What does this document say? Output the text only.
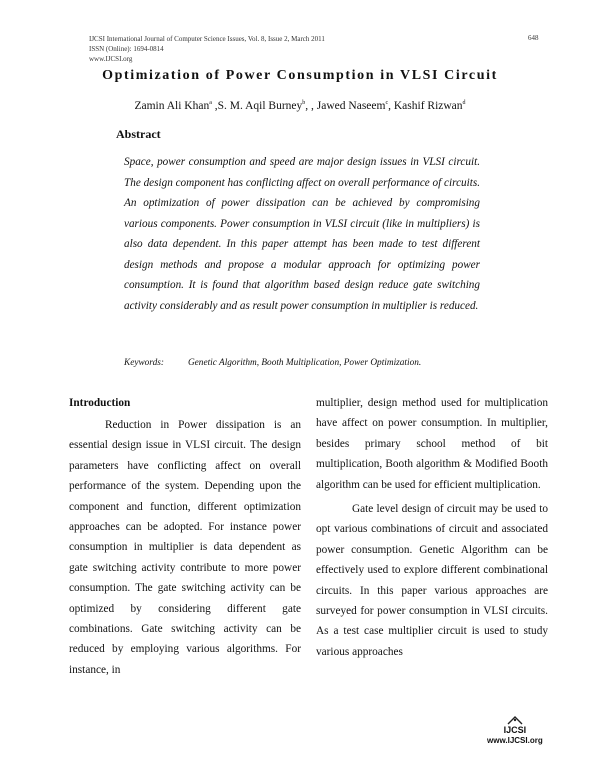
IJCSI International Journal of Computer Science Issues, Vol. 8, Issue 2, March 2011
ISSN (Online): 1694-0814
www.IJCSI.org
648
Optimization of Power Consumption in VLSI Circuit
Zamin Ali Khan$^a$ ,S. M. Aqil Burney$^b$, , Jawed Naseem$^c$, Kashif Rizwan$^d$
Abstract
Space, power consumption and speed are major design issues in VLSI circuit. The design component has conflicting affect on overall performance of circuits. An optimization of power dissipation can be achieved by compromising various components. Power consumption in VLSI circuit (like in multipliers) is also data dependent. In this paper attempt has been made to test different design methods and propose a modular approach for optimizing power consumption. It is found that algorithm based design reduce gate switching activity considerably and as result power consumption in multiplier is reduced.
Keywords:	Genetic Algorithm, Booth Multiplication, Power Optimization.
Introduction

Reduction in Power dissipation is an essential design issue in VLSI circuit. The design parameters have conflicting affect on overall performance of the system. Depending upon the component and function, different optimization approaches can be adopted. For instance power consumption in multiplier is data dependent as gate switching activity contribute to more power consumption. The gate switching activity can be optimized by considering different gate combinations. Gate switching activity can be reduced by employing various algorithms. For instance, in

multiplier, design method used for multiplication have affect on power consumption. In multiplier, besides primary school method of bit multiplication, Booth algorithm & Modified Booth algorithm can be used for efficient multiplication.

Gate level design of circuit may be used to opt various combinations of circuit and associated power consumption. Genetic Algorithm can be effectively used to explore different combinational circuits. In this paper various approaches are surveyed for power consumption in VLSI circuits. As a test case multiplier circuit is used to study various approaches

IJCSI
www.IJCSI.org
